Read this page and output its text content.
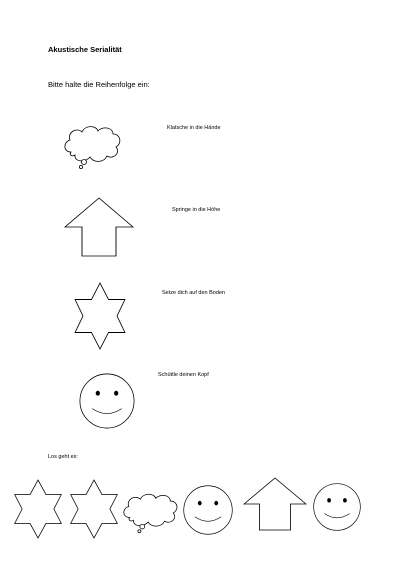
Akustische Serialität
Bitte halte die Reihenfolge ein:
Klatsche in die Hände
Springe in die Höhe
Setze dich auf den Boden
Schüttle deinen Kopf
Los geht es:
